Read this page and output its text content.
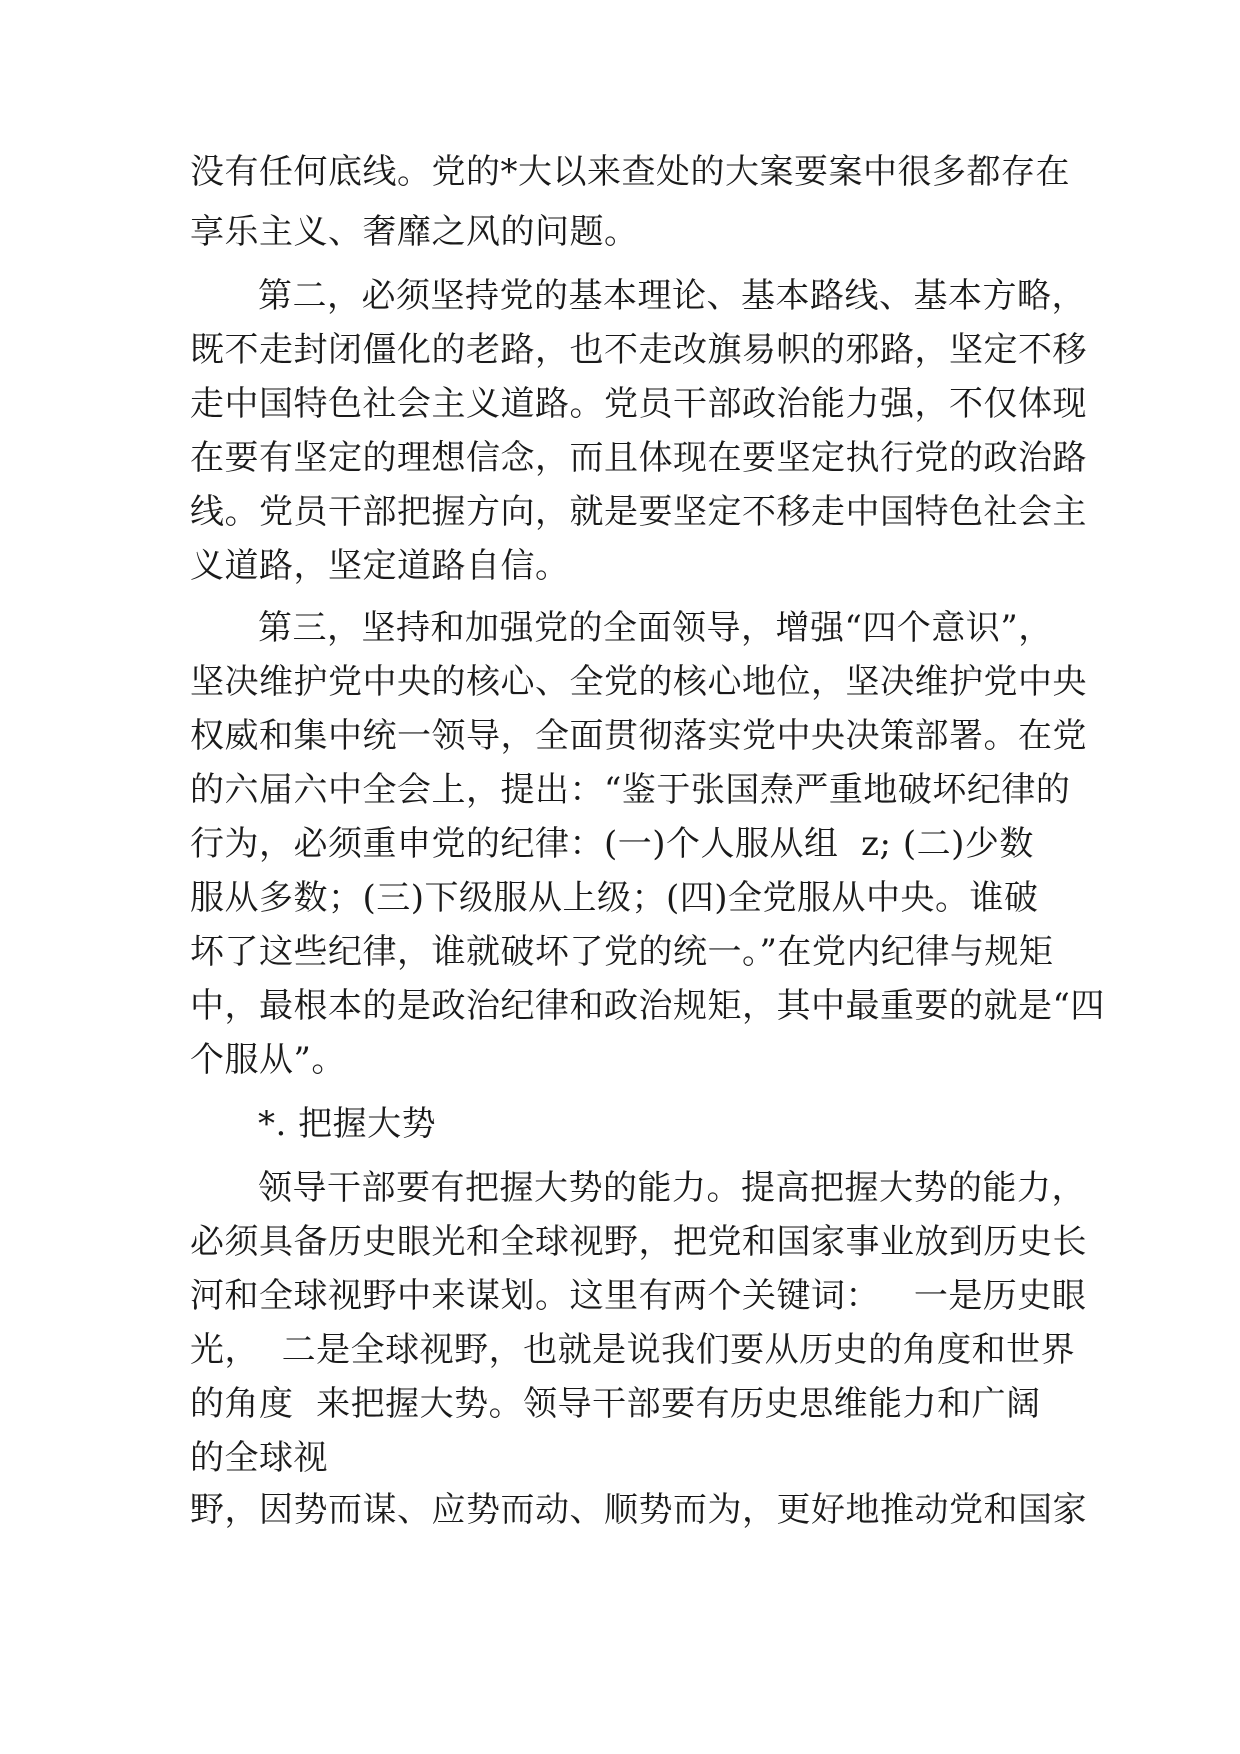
没有任何底线。党的*大以来查处的大案要案中很多都存在
享乐主义、奢靡之风的问题。
第二，必须坚持党的基本理论、基本路线、基本方略，
既不走封闭僵化的老路，也不走改旗易帜的邪路，坚定不移
走中国特色社会主义道路。党员干部政治能力强，不仅体现
在要有坚定的理想信念，而且体现在要坚定执行党的政治路
线。党员干部把握方向，就是要坚定不移走中国特色社会主
义道路，坚定道路自信。
第三，坚持和加强党的全面领导，增强“四个意识”，
坚决维护党中央的核心、全党的核心地位，坚决维护党中央
权威和集中统一领导，全面贯彻落实党中央决策部署。在党
的六届六中全会上，提出：“鉴于张国焘严重地破坏纪律的
行为，必须重申党的纪律：(一)个人服从组  z; (二)少数
服从多数；(三)下级服从上级；(四)全党服从中央。谁破
坏了这些纪律，谁就破坏了党的统一。”在党内纪律与规矩
中，最根本的是政治纪律和政治规矩，其中最重要的就是“四
个服从”。
*. 把握大势
领导干部要有把握大势的能力。提高把握大势的能力，
必须具备历史眼光和全球视野，把党和国家事业放到历史长
河和全球视野中来谋划。这里有两个关键词：   一是历史眼
光，  二是全球视野，也就是说我们要从历史的角度和世界
的角度  来把握大势。领导干部要有历史思维能力和广阔
的全球视
野，因势而谋、应势而动、顺势而为，更好地推动党和国家
